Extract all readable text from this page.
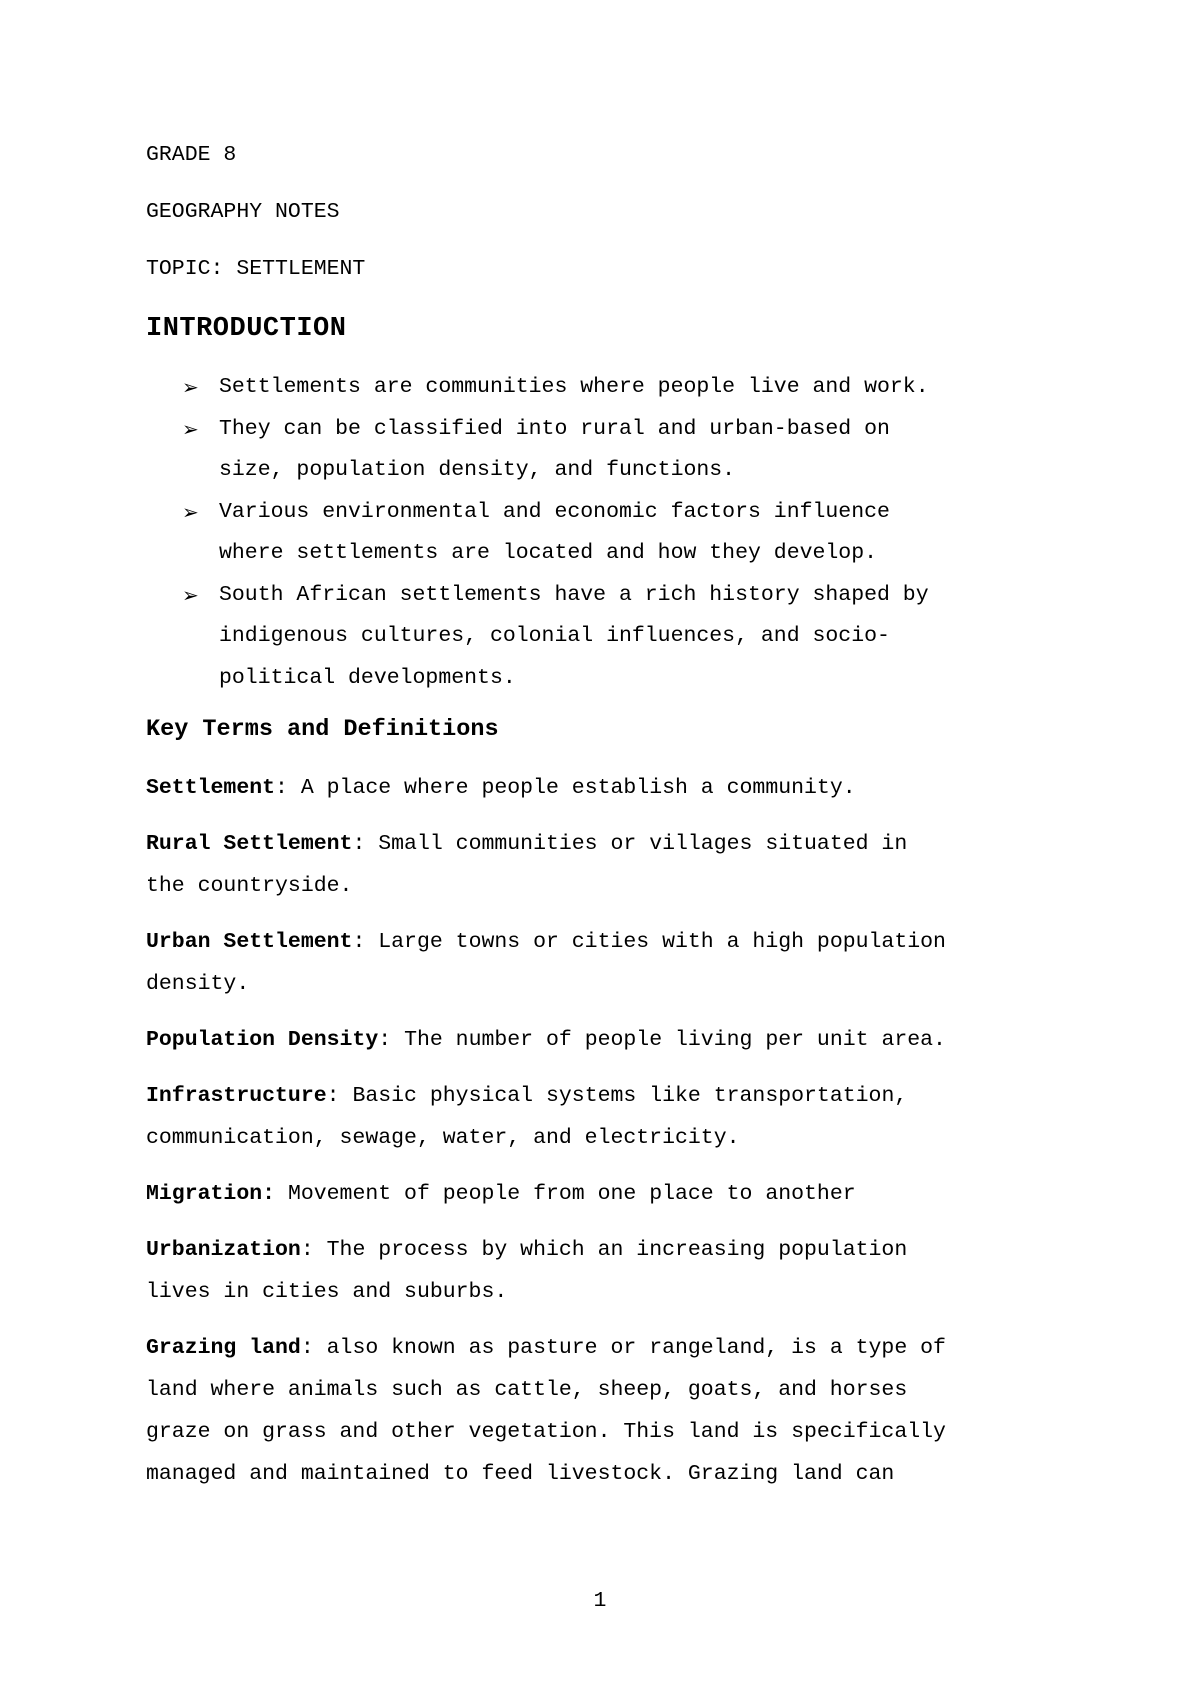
GRADE 8
GEOGRAPHY NOTES
TOPIC: SETTLEMENT
INTRODUCTION
➢ Settlements are communities where people live and work.
➢ They can be classified into rural and urban-based on
size, population density, and functions.
➢ Various environmental and economic factors influence
where settlements are located and how they develop.
➢ South African settlements have a rich history shaped by
indigenous cultures, colonial influences, and socio-
political developments.
Key Terms and Definitions
Settlement: A place where people establish a community.
Rural Settlement: Small communities or villages situated in
the countryside.
Urban Settlement: Large towns or cities with a high population
density.
Population Density: The number of people living per unit area.
Infrastructure: Basic physical systems like transportation,
communication, sewage, water, and electricity.
Migration: Movement of people from one place to another
Urbanization: The process by which an increasing population
lives in cities and suburbs.
Grazing land: also known as pasture or rangeland, is a type of
land where animals such as cattle, sheep, goats, and horses
graze on grass and other vegetation. This land is specifically
managed and maintained to feed livestock. Grazing land can
1
